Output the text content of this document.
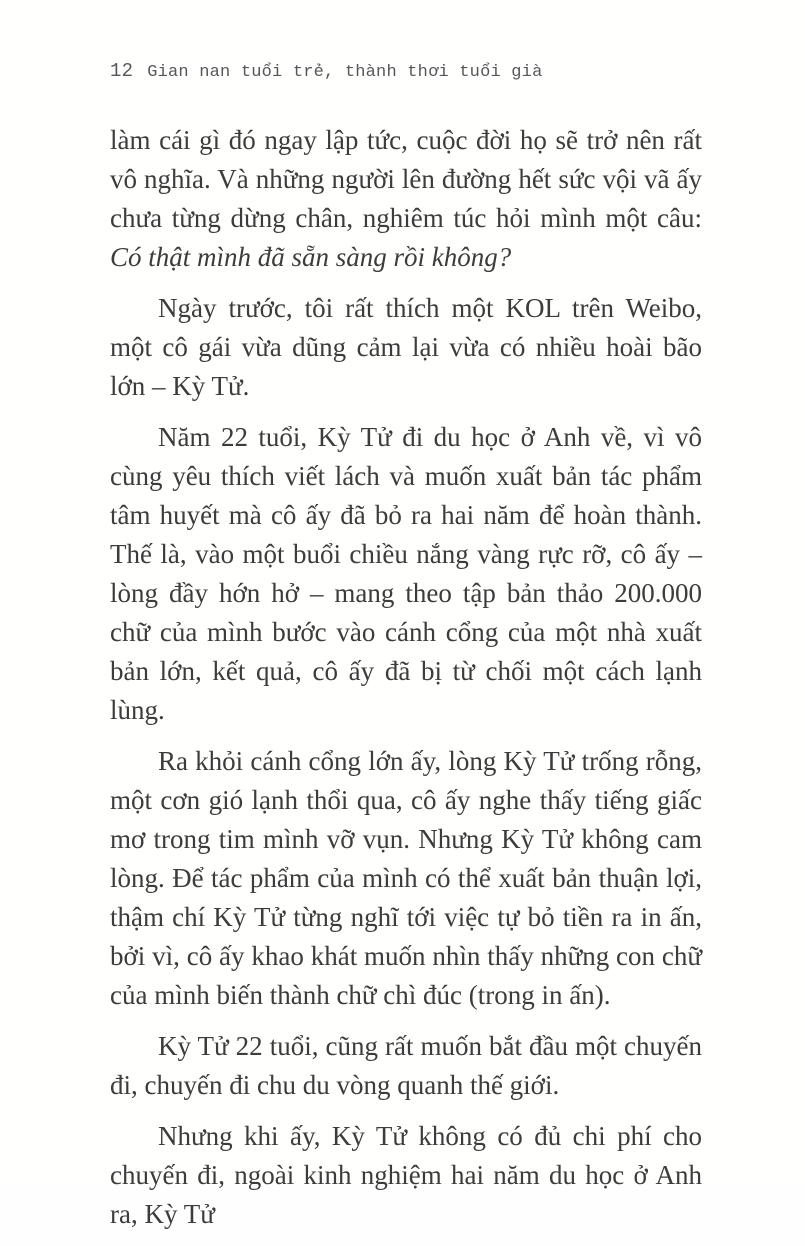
12 Gian nan tuổi trẻ, thành thơi tuổi già

làm cái gì đó ngay lập tức, cuộc đời họ sẽ trở nên rất vô nghĩa. Và những người lên đường hết sức vội vã ấy chưa từng dừng chân, nghiêm túc hỏi mình một câu: Có thật mình đã sẵn sàng rồi không?

Ngày trước, tôi rất thích một KOL trên Weibo, một cô gái vừa dũng cảm lại vừa có nhiều hoài bão lớn – Kỳ Tử.

Năm 22 tuổi, Kỳ Tử đi du học ở Anh về, vì vô cùng yêu thích viết lách và muốn xuất bản tác phẩm tâm huyết mà cô ấy đã bỏ ra hai năm để hoàn thành. Thế là, vào một buổi chiều nắng vàng rực rỡ, cô ấy – lòng đầy hớn hở – mang theo tập bản thảo 200.000 chữ của mình bước vào cánh cổng của một nhà xuất bản lớn, kết quả, cô ấy đã bị từ chối một cách lạnh lùng.

Ra khỏi cánh cổng lớn ấy, lòng Kỳ Tử trống rỗng, một cơn gió lạnh thổi qua, cô ấy nghe thấy tiếng giấc mơ trong tim mình vỡ vụn. Nhưng Kỳ Tử không cam lòng. Để tác phẩm của mình có thể xuất bản thuận lợi, thậm chí Kỳ Tử từng nghĩ tới việc tự bỏ tiền ra in ấn, bởi vì, cô ấy khao khát muốn nhìn thấy những con chữ của mình biến thành chữ chì đúc (trong in ấn).

Kỳ Tử 22 tuổi, cũng rất muốn bắt đầu một chuyến đi, chuyến đi chu du vòng quanh thế giới.

Nhưng khi ấy, Kỳ Tử không có đủ chi phí cho chuyến đi, ngoài kinh nghiệm hai năm du học ở Anh ra, Kỳ Tử
